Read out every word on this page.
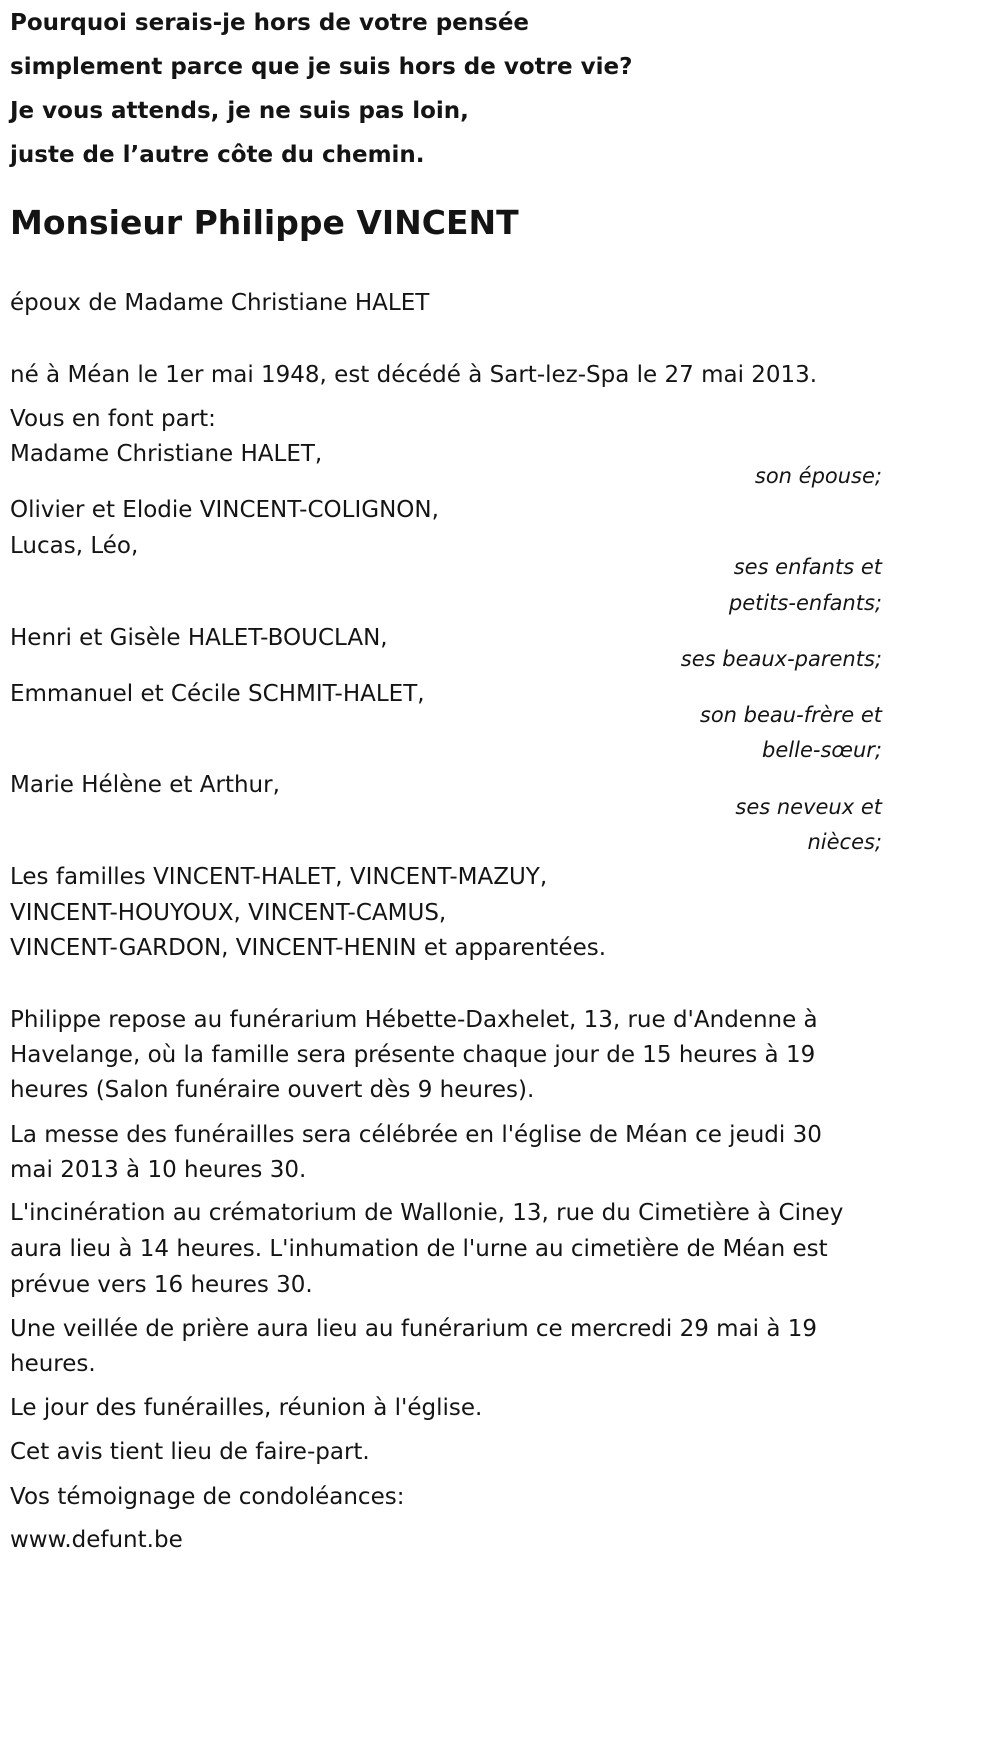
Pourquoi serais-je hors de votre pensée
simplement parce que je suis hors de votre vie?
Je vous attends, je ne suis pas loin,
juste de l’autre côte du chemin.
Monsieur Philippe VINCENT
époux de Madame Christiane HALET
né à Méan le 1er mai 1948, est décédé à Sart-lez-Spa le 27 mai 2013.
Vous en font part:
Madame Christiane HALET,
son épouse;
Olivier et Elodie VINCENT-COLIGNON,
Lucas, Léo,
ses enfants et
petits-enfants;
Henri et Gisèle HALET-BOUCLAN,
ses beaux-parents;
Emmanuel et Cécile SCHMIT-HALET,
son beau-frère et
belle-sœur;
Marie Hélène et Arthur,
ses neveux et
nièces;
Les familles VINCENT-HALET, VINCENT-MAZUY,
VINCENT-HOUYOUX, VINCENT-CAMUS,
VINCENT-GARDON, VINCENT-HENIN et apparentées.
Philippe repose au funérarium Hébette-Daxhelet, 13, rue d'Andenne à
Havelange, où la famille sera présente chaque jour de 15 heures à 19
heures (Salon funéraire ouvert dès 9 heures).
La messe des funérailles sera célébrée en l'église de Méan ce jeudi 30
mai 2013 à 10 heures 30.
L'incinération au crématorium de Wallonie, 13, rue du Cimetière à Ciney
aura lieu à 14 heures. L'inhumation de l'urne au cimetière de Méan est
prévue vers 16 heures 30.
Une veillée de prière aura lieu au funérarium ce mercredi 29 mai à 19
heures.
Le jour des funérailles, réunion à l'église.
Cet avis tient lieu de faire-part.
Vos témoignage de condoléances:
www.defunt.be
